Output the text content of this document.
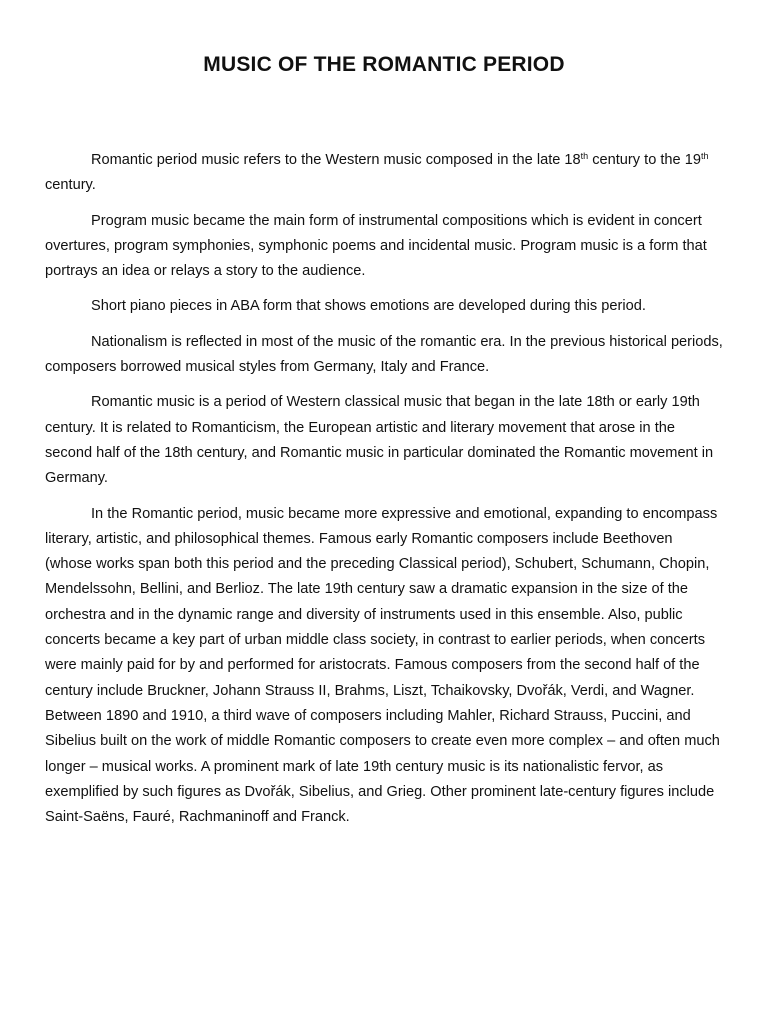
MUSIC OF THE ROMANTIC PERIOD

Romantic period music refers to the Western music composed in the late 18th century to the 19th century.

Program music became the main form of instrumental compositions which is evident in concert overtures, program symphonies, symphonic poems and incidental music. Program music is a form that portrays an idea or relays a story to the audience.

Short piano pieces in ABA form that shows emotions are developed during this period.

Nationalism is reflected in most of the music of the romantic era. In the previous historical periods, composers borrowed musical styles from Germany, Italy and France.

Romantic music is a period of Western classical music that began in the late 18th or early 19th century. It is related to Romanticism, the European artistic and literary movement that arose in the second half of the 18th century, and Romantic music in particular dominated the Romantic movement in Germany.

In the Romantic period, music became more expressive and emotional, expanding to encompass literary, artistic, and philosophical themes. Famous early Romantic composers include Beethoven (whose works span both this period and the preceding Classical period), Schubert, Schumann, Chopin, Mendelssohn, Bellini, and Berlioz. The late 19th century saw a dramatic expansion in the size of the orchestra and in the dynamic range and diversity of instruments used in this ensemble. Also, public concerts became a key part of urban middle class society, in contrast to earlier periods, when concerts were mainly paid for by and performed for aristocrats. Famous composers from the second half of the century include Bruckner, Johann Strauss II, Brahms, Liszt, Tchaikovsky, Dvořák, Verdi, and Wagner. Between 1890 and 1910, a third wave of composers including Mahler, Richard Strauss, Puccini, and Sibelius built on the work of middle Romantic composers to create even more complex – and often much longer – musical works. A prominent mark of late 19th century music is its nationalistic fervor, as exemplified by such figures as Dvořák, Sibelius, and Grieg. Other prominent late-century figures include Saint-Saëns, Fauré, Rachmaninoff and Franck.
